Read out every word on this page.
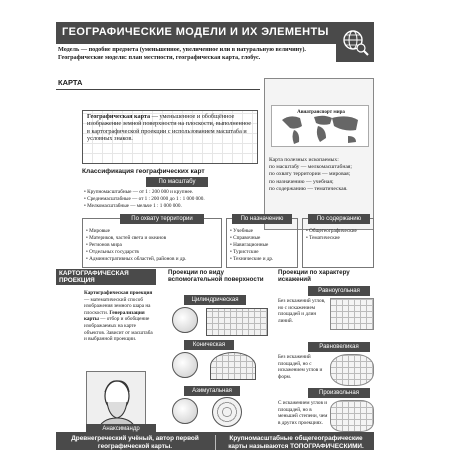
ГЕОГРАФИЧЕСКИЕ МОДЕЛИ И ИХ ЭЛЕМЕНТЫ
Модель — подобие предмета (уменьшенное, увеличенное или в натуральную величину). Географические модели: план местности, географическая карта, глобус.
КАРТА
Географическая карта — уменьшенное и обобщённое изображение земной поверхности на плоскости, выполненное в картографической проекции с использованием масштаба и условных знаков.
Авиатранспорт мира
Карта полезных ископаемых:
по масштабу — мелкомасштабная;
по охвату территории — мировая;
по назначению — учебная;
по содержанию — тематическая.
Классификация географических карт
По масштабу
• Крупномасштабные — от 1 : 200 000 и крупнее.
• Среднемасштабные — от 1 : 200 000 до 1 : 1 000 000.
• Мелкомасштабные — мельче 1 : 1 000 000.
По охвату территории
• Мировые
• Материков, частей света и океанов
• Регионов мира
• Отдельных государств
• Административных областей, районов и др.
По назначению
• Учебные
• Справочные
• Навигационные
• Туристские
• Технические и др.
По содержанию
• Общегеографические
• Тематические
КАРТОГРАФИЧЕСКАЯ ПРОЕКЦИЯ
Картографическая проекция — математический способ изображения земного шара на плоскости. Генерализация карты — отбор и обобщение изображаемых на карте объектов. Зависит от масштаба и выбранной проекции.
Проекции по виду вспомогательной поверхности
Цилиндрическая
Коническая
Азимутальная
Проекции по характеру искажений
Равноугольная
Без искажений углов, но с искажением площадей и длин линий.
Равновеликая
Без искажений площадей, но с искажением углов и форм.
Произвольная
С искажением углов и площадей, но в меньшей степени, чем в других проекциях.
Анаксимандр
Древнегреческий учёный, автор первой географической карты.
Крупномасштабные общегеографические карты называются ТОПОГРАФИЧЕСКИМИ.
